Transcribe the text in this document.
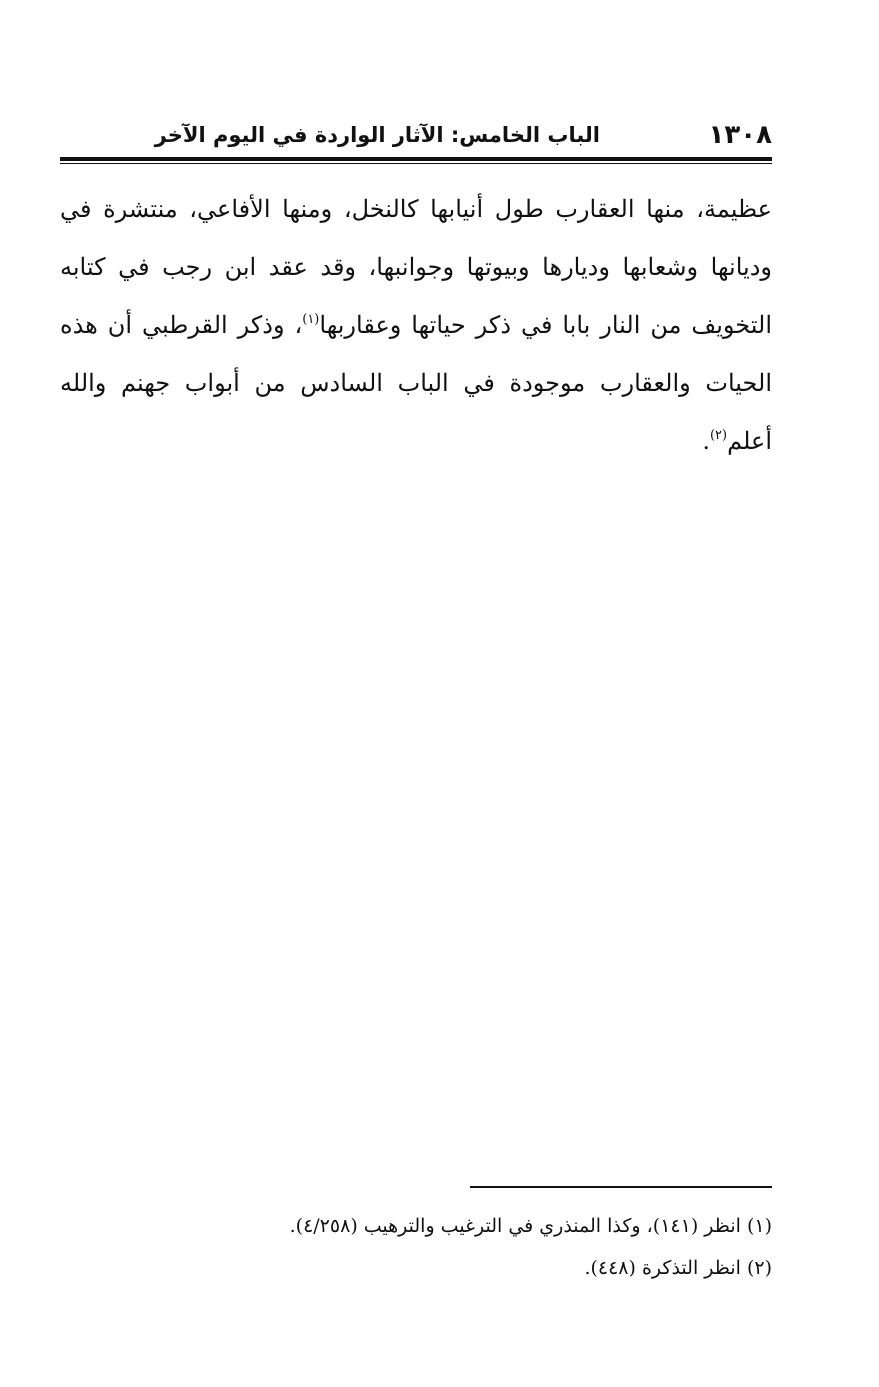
١٣٠٨
الباب الخامس: الآثار الواردة في اليوم الآخر
عظيمة، منها العقارب طول أنيابها كالنخل، ومنها الأفاعي، منتشرة في
وديانها وشعابها وديارها وبيوتها وجوانبها، وقد عقد ابن رجب في كتابه
التخويف من النار بابا في ذكر حياتها وعقاربها$^{(١)}$، وذكر القرطبي أن هذه
الحيات والعقارب موجودة في الباب السادس من أبواب جهنم والله
أعلم$^{(٢)}$.
(١) انظر (١٤١)، وكذا المنذري في الترغيب والترهيب (٤/٢٥٨).
(٢) انظر التذكرة (٤٤٨).
